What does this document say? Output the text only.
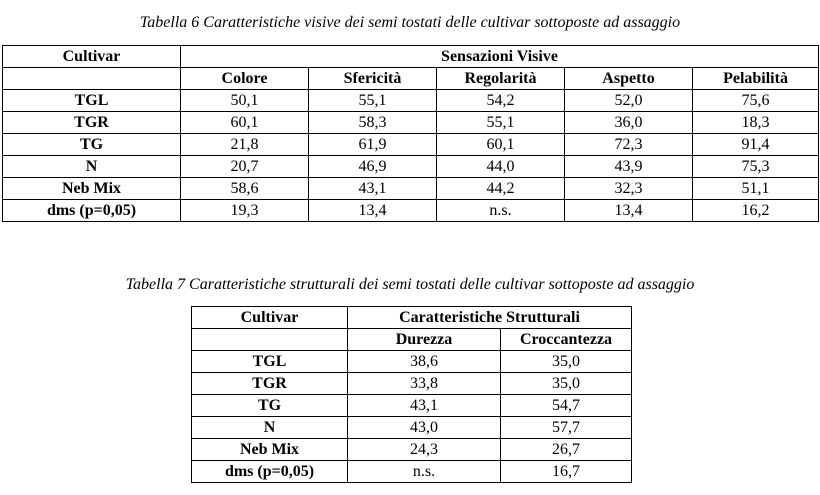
Tabella 6 Caratteristiche visive dei semi tostati delle cultivar sottoposte ad assaggio
Cultivar	Sensazioni Visive				
	Colore	Sfericità	Regolarità	Aspetto	Pelabilità
TGL	50,1	55,1	54,2	52,0	75,6
TGR	60,1	58,3	55,1	36,0	18,3
TG	21,8	61,9	60,1	72,3	91,4
N	20,7	46,9	44,0	43,9	75,3
Neb Mix	58,6	43,1	44,2	32,3	51,1
dms (p=0,05)	19,3	13,4	n.s.	13,4	16,2
Tabella 7 Caratteristiche strutturali dei semi tostati delle cultivar sottoposte ad assaggio
Cultivar	Caratteristiche Strutturali	
	Durezza	Croccantezza
TGL	38,6	35,0
TGR	33,8	35,0
TG	43,1	54,7
N	43,0	57,7
Neb Mix	24,3	26,7
dms (p=0,05)	n.s.	16,7
